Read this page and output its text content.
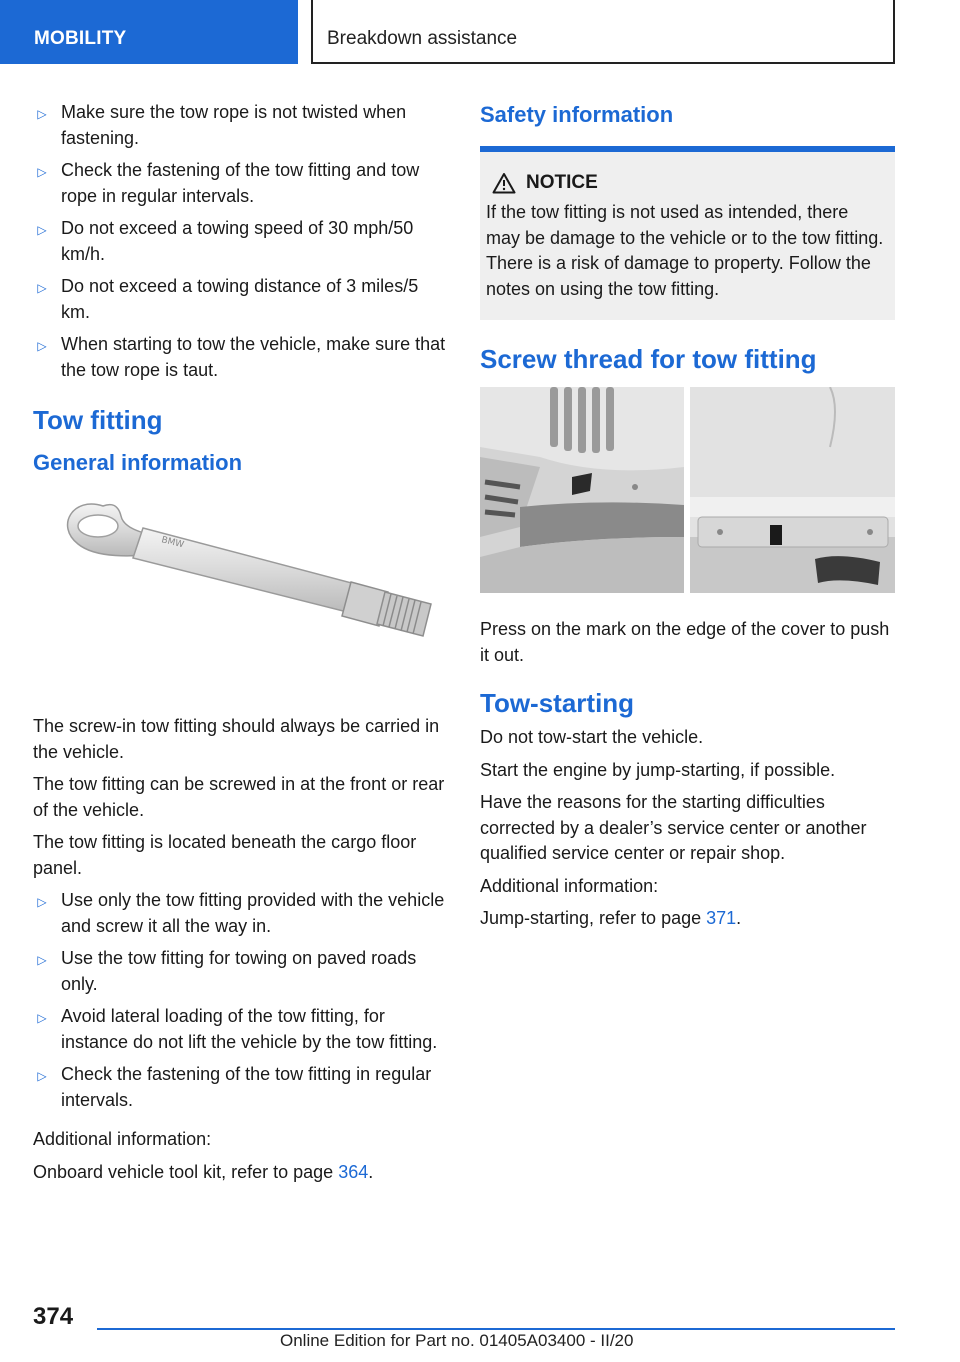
MOBILITY	Breakdown assistance
▷ Make sure the tow rope is not twisted when fastening.
▷ Check the fastening of the tow fitting and tow rope in regular intervals.
▷ Do not exceed a towing speed of 30 mph/50 km/h.
▷ Do not exceed a towing distance of 3 miles/5 km.
▷ When starting to tow the vehicle, make sure that the tow rope is taut.
Tow fitting
General information
BMW

The screw-in tow fitting should always be carried in the vehicle.

The tow fitting can be screwed in at the front or rear of the vehicle.

The tow fitting is located beneath the cargo floor panel.

▷ Use only the tow fitting provided with the vehicle and screw it all the way in.
▷ Use the tow fitting for towing on paved roads only.
▷ Avoid lateral loading of the tow fitting, for instance do not lift the vehicle by the tow fitting.
▷ Check the fastening of the tow fitting in regular intervals.

Additional information:

Onboard vehicle tool kit, refer to page 364.

Safety information
NOTICE
If the tow fitting is not used as intended, there may be damage to the vehicle or to the tow fitting. There is a risk of damage to property. Follow the notes on using the tow fitting.
Screw thread for tow fitting

Press on the mark on the edge of the cover to push it out.

Tow-starting

Do not tow-start the vehicle.

Start the engine by jump-starting, if possible.

Have the reasons for the starting difficulties corrected by a dealer’s service center or another qualified service center or repair shop.

Additional information:

Jump-starting, refer to page 371.

374
Online Edition for Part no. 01405A03400 - II/20
